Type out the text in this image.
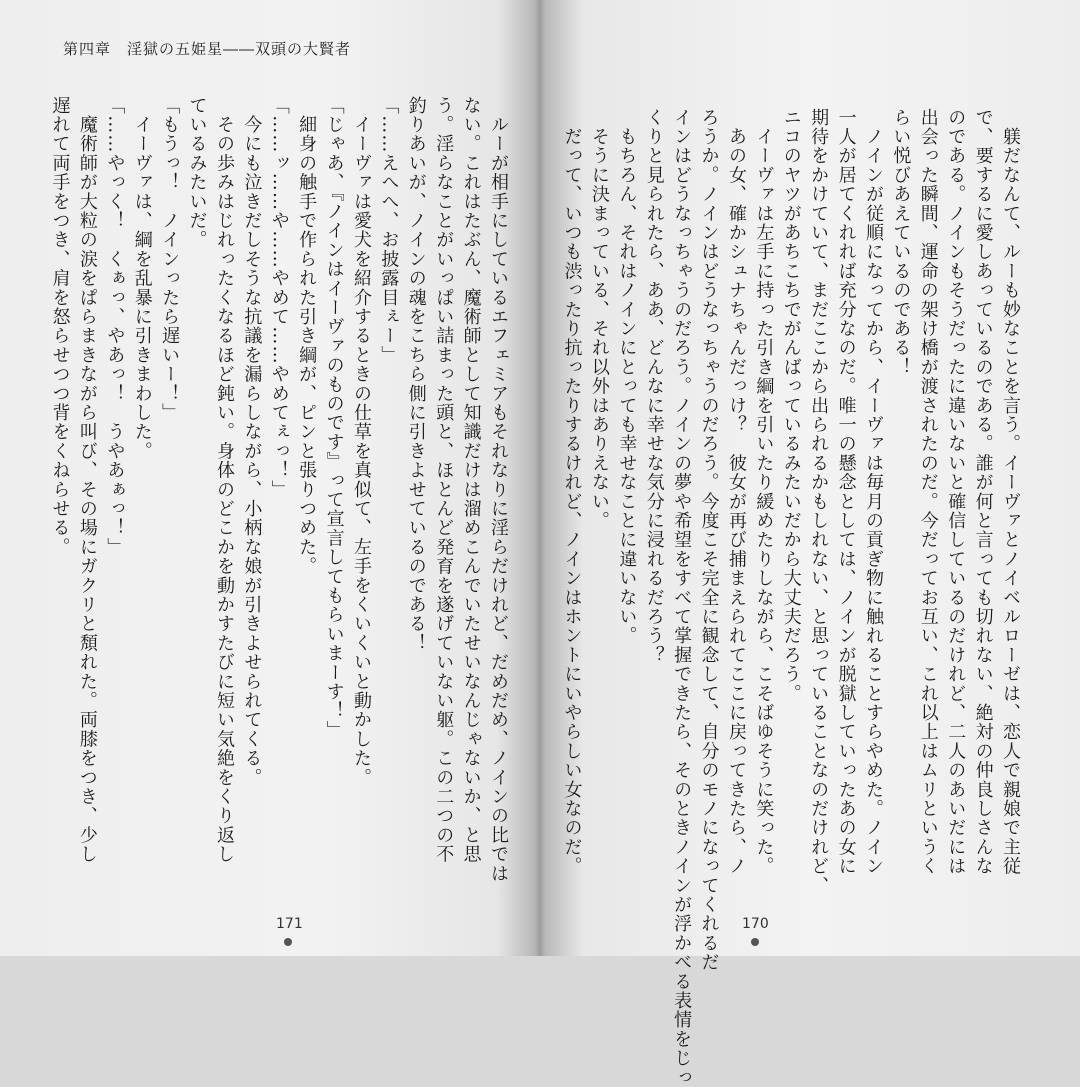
第四章　淫獄の五姫星――双頭の大賢者

　ルーが相手にしているエフェミアもそれなりに淫らだけれど、だめだめ、ノインの比では

ない。これはたぶん、魔術師として知識だけは溜めこんでいたせいなんじゃないか、と思

う。淫らなことがいっぱい詰まった頭と、ほとんど発育を遂げていない躯。この二つの不

釣りあいが、ノインの魂をこちら側に引きよせているのである！

「……えへへ、お披露目ぇー」

　イーヴァは愛犬を紹介するときの仕草を真似て、左手をくいくいと動かした。

「じゃあ、『ノインはイーヴァのものです』って宣言してもらいまーす！」

　細身の触手で作られた引き綱が、ピンと張りつめた。

「……ッ……や……やめて……やめてぇっ！」

　今にも泣きだしそうな抗議を漏らしながら、小柄な娘が引きよせられてくる。

　その歩みはじれったくなるほど鈍い。身体のどこかを動かすたびに短い気絶をくり返し

ているみたいだ。

「もうっ！　ノインったら遅いー！」

　イーヴァは、綱を乱暴に引きまわした。

「……やっく！　くぁっ、やあっ！　うやあぁっ！」

　魔術師が大粒の涙をぱらまきながら叫び、その場にガクリと頽れた。両膝をつき、少し

遅れて両手をつき、肩を怒らせつつ背をくねらせる。

171

　躾だなんて、ルーも妙なことを言う。イーヴァとノイベルローゼは、恋人で親娘で主従

で、要するに愛しあっているのである。誰が何と言っても切れない、絶対の仲良しさんな

のである。ノインもそうだったに違いないと確信しているのだけれど、二人のあいだには

出会った瞬間、運命の架け橋が渡されたのだ。今だってお互い、これ以上はムリというく

らい悦びあえているのである！

　ノインが従順になってから、イーヴァは毎月の貢ぎ物に触れることすらやめた。ノイン

一人が居てくれれば充分なのだ。唯一の懸念としては、ノインが脱獄していったあの女に

期待をかけていて、まだここから出られるかもしれない、と思っていることなのだけれど、

ニコのヤツがあちこちでがんばっているみたいだから大丈夫だろう。

　イーヴァは左手に持った引き綱を引いたり緩めたりしながら、こそばゆそうに笑った。

　あの女、確かシュナちゃんだっけ？　彼女が再び捕まえられてここに戻ってきたら、ノ

ろうか。ノインはどうなっちゃうのだろう。今度こそ完全に観念して、自分のモノになってくれるだ

インはどうなっちゃうのだろう。ノインの夢や希望をすべて掌握できたら、そのときノインが浮かべる表情をじっ

くりと見られたら、ああ、どんなに幸せな気分に浸れるだろう？

　もちろん、それはノインにとっても幸せなことに違いない。

　そうに決まっている、それ以外はありえない。

　だって、いつも渋ったり抗ったりするけれど、ノインはホントにいやらしい女なのだ。

170
